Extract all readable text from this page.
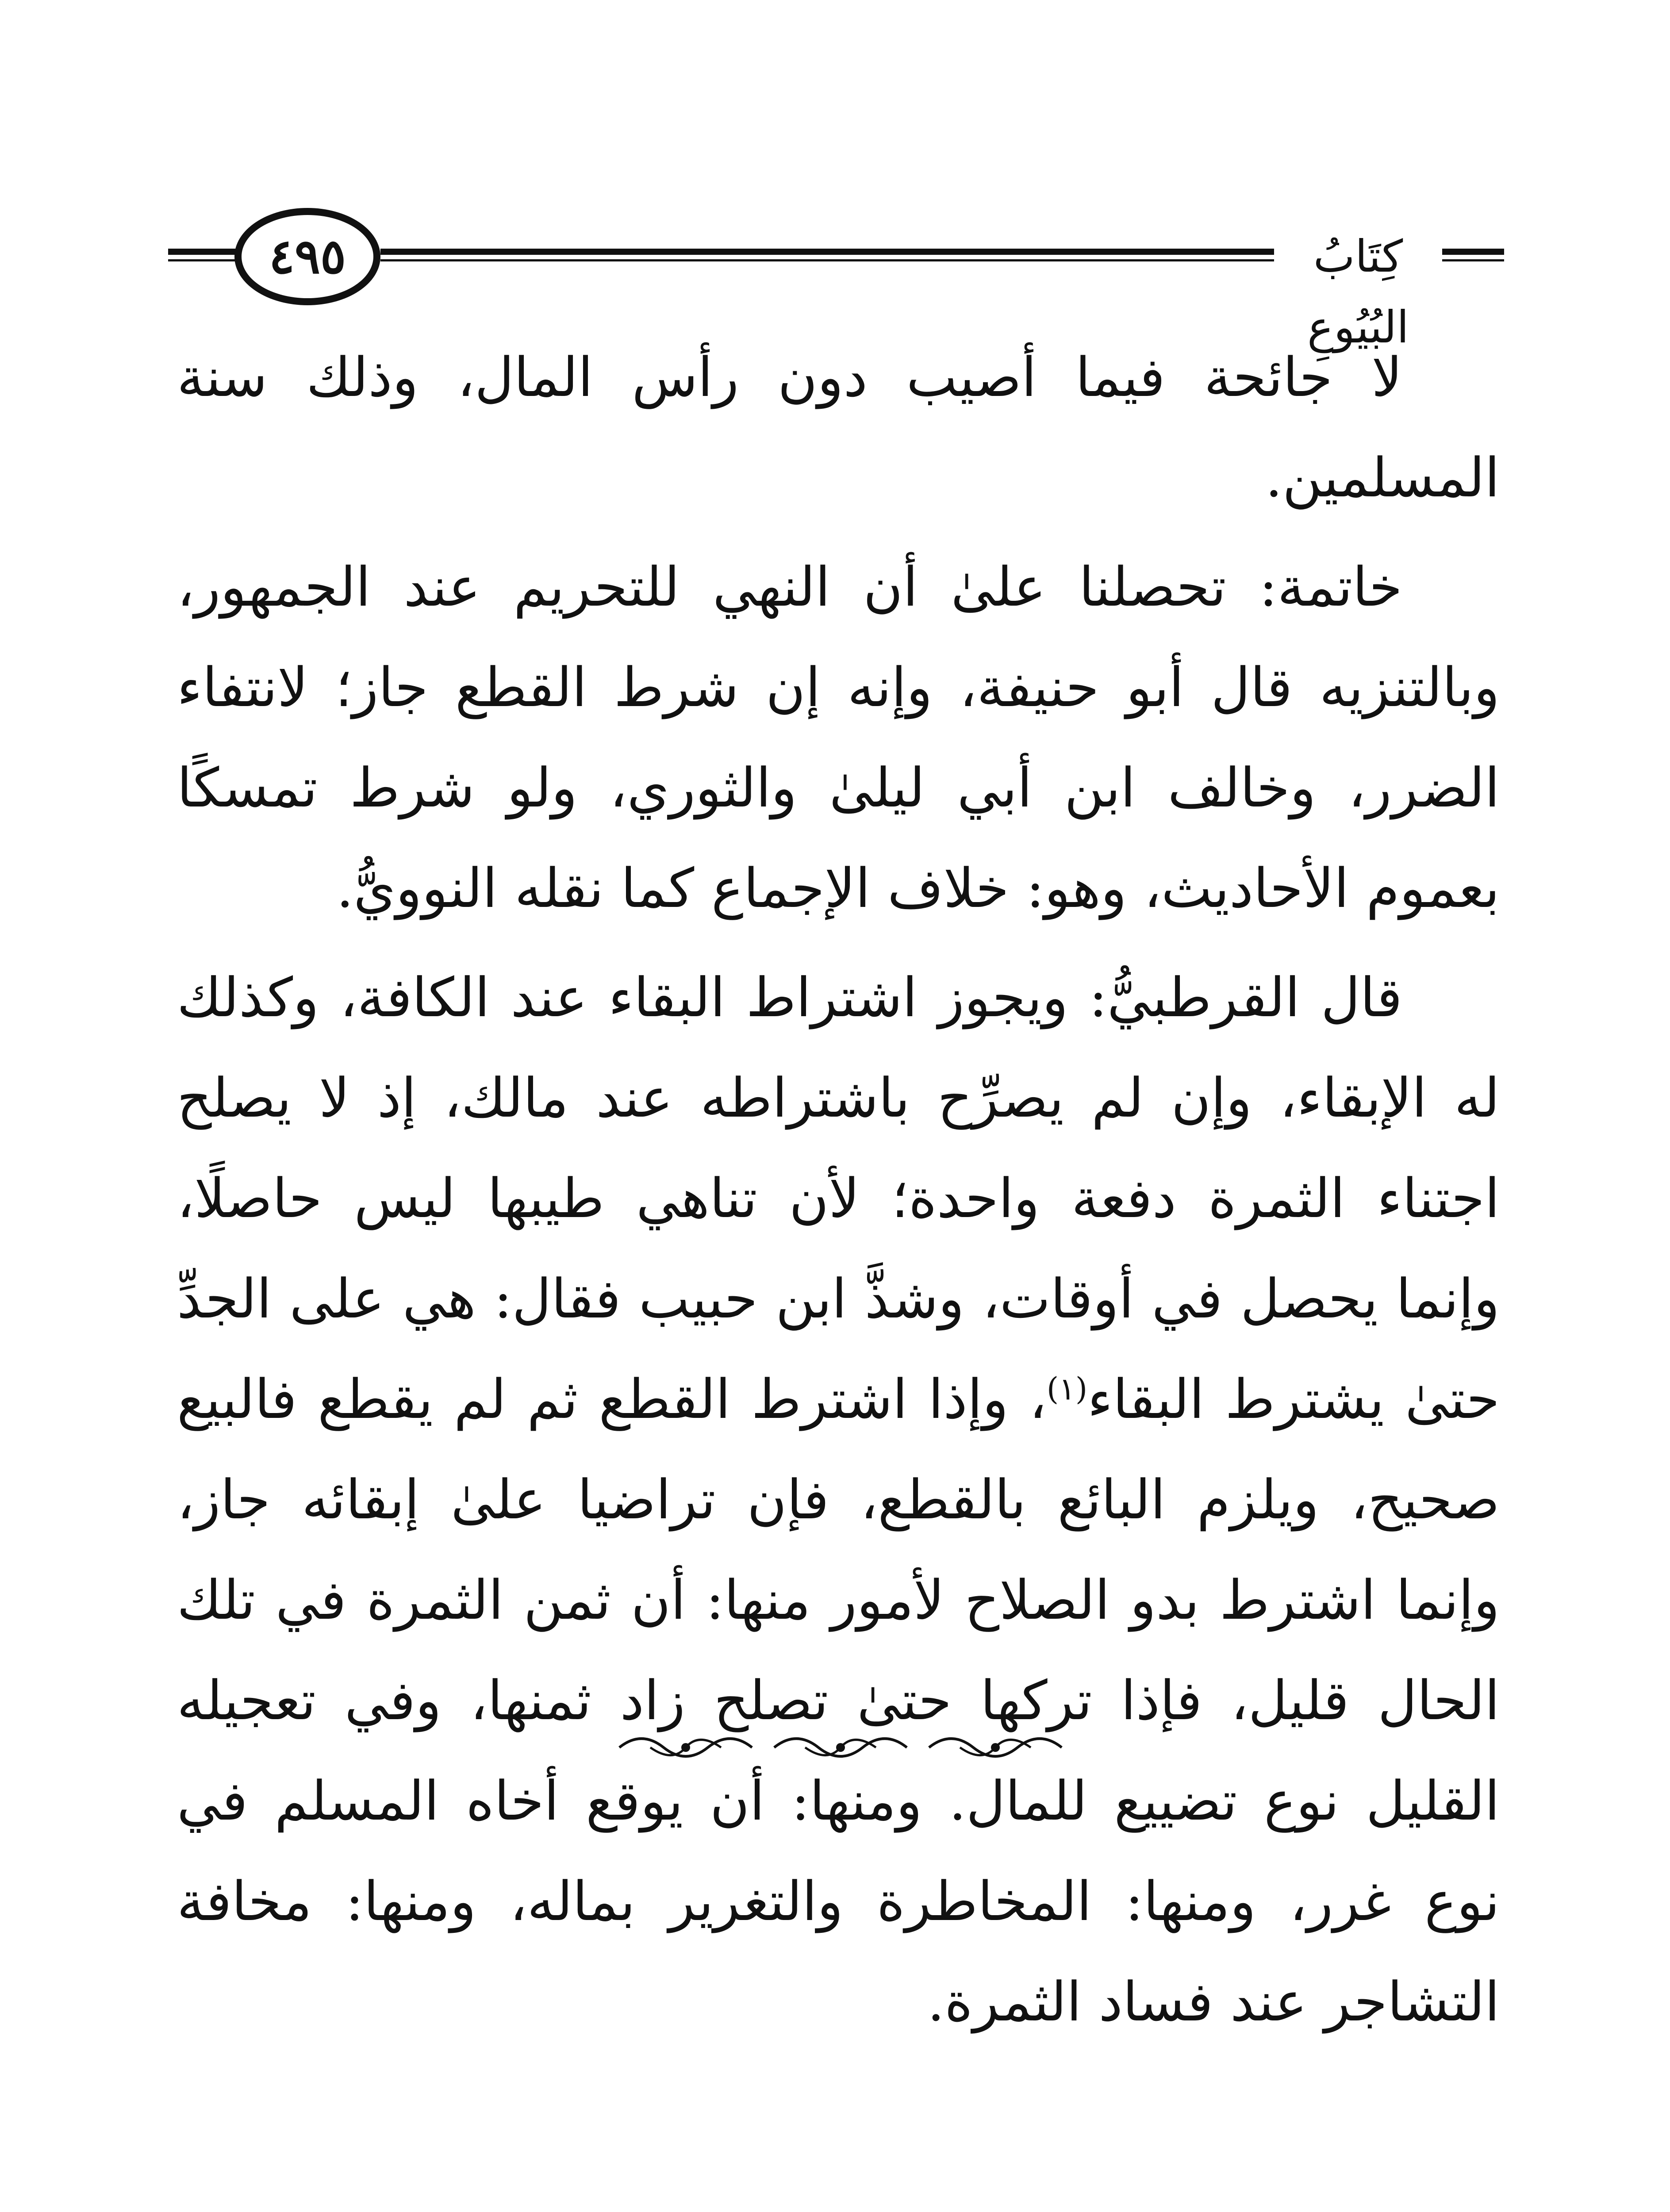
٤٩٥	كِتَابُ البُيُوعِ

لا جائحة فيما أصيب دون رأس المال، وذلك سنة المسلمين.

خاتمة: تحصلنا علىٰ أن النهي للتحريم عند الجمهور، وبالتنزيه قال أبو حنيفة، وإنه إن شرط القطع جاز؛ لانتفاء الضرر، وخالف ابن أبي ليلىٰ والثوري، ولو شرط تمسكًا بعموم الأحاديث، وهو: خلاف الإجماع كما نقله النوويُّ.

قال القرطبيُّ: ويجوز اشتراط البقاء عند الكافة، وكذلك له الإبقاء، وإن لم يصرِّح باشتراطه عند مالك، إذ لا يصلح اجتناء الثمرة دفعة واحدة؛ لأن تناهي طيبها ليس حاصلًا، وإنما يحصل في أوقات، وشذَّ ابن حبيب فقال: هي على الجدِّ حتىٰ يشترط البقاء$^{(١)}$، وإذا اشترط القطع ثم لم يقطع فالبيع صحيح، ويلزم البائع بالقطع، فإن تراضيا علىٰ إبقائه جاز، وإنما اشترط بدو الصلاح لأمور منها: أن ثمن الثمرة في تلك الحال قليل، فإذا تركها حتىٰ تصلح زاد ثمنها، وفي تعجيله القليل نوع تضييع للمال. ومنها: أن يوقع أخاه المسلم في نوع غرر، ومنها: المخاطرة والتغرير بماله، ومنها: مخافة التشاجر عند فساد الثمرة.
